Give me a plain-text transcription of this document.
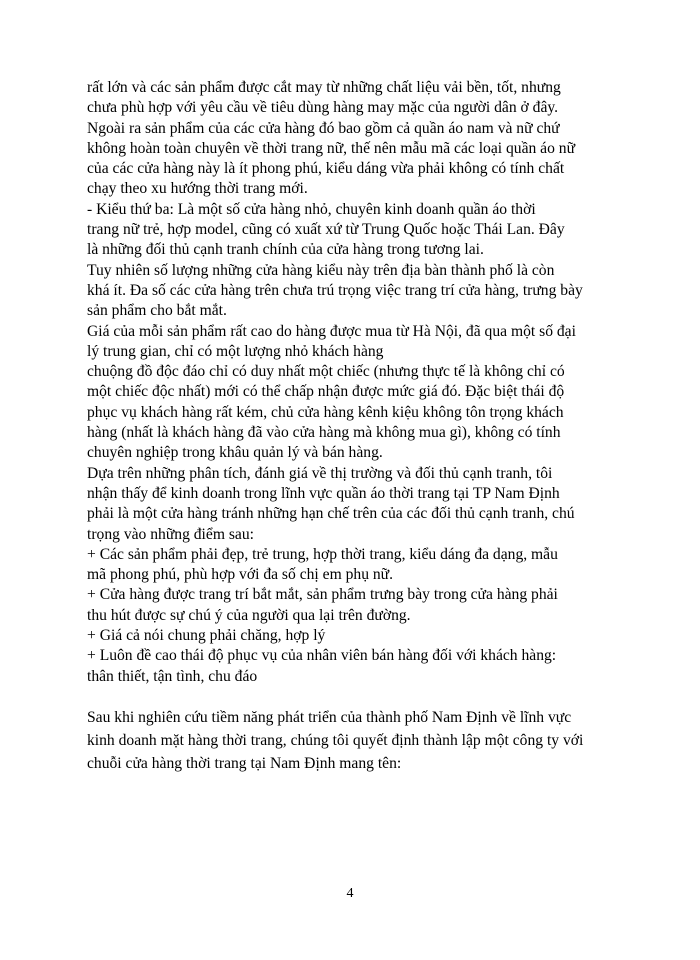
rất lớn và các sản phẩm được cắt may từ những chất liệu vải bền, tốt, nhưng
chưa phù hợp với yêu cầu về tiêu dùng hàng may mặc của người dân ở đây.
Ngoài ra sản phẩm của các cửa hàng đó bao gồm cả quần áo nam và nữ chứ
không hoàn toàn chuyên về thời trang nữ, thế nên mẫu mã các loại quần áo nữ
của các cửa hàng này là ít phong phú, kiểu dáng vừa phải không có tính chất
chạy theo xu hướng thời trang mới.
- Kiểu thứ ba: Là một số cửa hàng nhỏ, chuyên kinh doanh quần áo thời
trang nữ trẻ, hợp model, cũng có xuất xứ từ Trung Quốc hoặc Thái Lan. Đây
là những đối thủ cạnh tranh chính của cửa hàng trong tương lai.
Tuy nhiên số lượng những cửa hàng kiểu này trên địa bàn thành phố là còn
khá ít. Đa số các cửa hàng trên chưa trú trọng việc trang trí cửa hàng, trưng bày
sản phẩm cho bắt mắt.
Giá của mỗi sản phẩm rất cao do hàng được mua từ Hà Nội, đã qua một số đại
lý trung gian, chỉ có một lượng nhỏ khách hàng
chuộng đồ độc đáo chỉ có duy nhất một chiếc (nhưng thực tế là không chỉ có
một chiếc độc nhất) mới có thể chấp nhận được mức giá đó. Đặc biệt thái độ
phục vụ khách hàng rất kém, chủ cửa hàng kênh kiệu không tôn trọng khách
hàng (nhất là khách hàng đã vào cửa hàng mà không mua gì), không có tính
chuyên nghiệp trong khâu quản lý và bán hàng.
Dựa trên những phân tích, đánh giá về thị trường và đối thủ cạnh tranh, tôi
nhận thấy để kinh doanh trong lĩnh vực quần áo thời trang tại TP Nam Định
phải là một cửa hàng tránh những hạn chế trên của các đối thủ cạnh tranh, chú
trọng vào những điểm sau:
+ Các sản phẩm phải đẹp, trẻ trung, hợp thời trang, kiểu dáng đa dạng, mẫu
mã phong phú, phù hợp với đa số chị em phụ nữ.
+ Cửa hàng được trang trí bắt mắt, sản phẩm trưng bày trong cửa hàng phải
thu hút được sự chú ý của người qua lại trên đường.
+ Giá cả nói chung phải chăng, hợp lý
+ Luôn đề cao thái độ phục vụ của nhân viên bán hàng đối với khách hàng:
thân thiết, tận tình, chu đáo
Sau khi nghiên cứu tiềm năng phát triển của thành phố Nam Định về lĩnh vực
kinh doanh mặt hàng thời trang, chúng tôi quyết định thành lập một công ty với
chuỗi cửa hàng thời trang tại Nam Định mang tên:
4
